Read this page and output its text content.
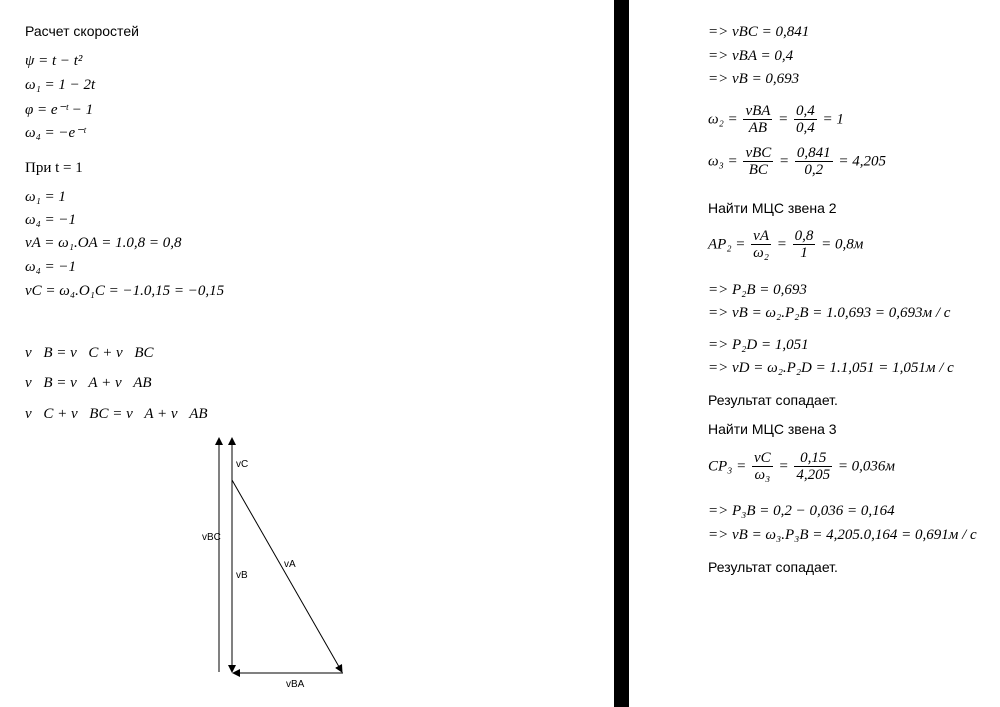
Расчет скоростей
ψ = t − t²
ω₁ = 1 − 2t
φ = e⁻ᵗ − 1
ω₄ = −e⁻ᵗ
При t = 1
ω₁ = 1
ω₄ = −1
vA = ω₁.OA = 1.0,8 = 0,8
ω₄ = −1
vC = ω₄.O₁C = −1.0,15 = −0,15
v⃗B = v⃗C + v⃗BC
v⃗B = v⃗A + v⃗AB
v⃗C + v⃗BC = v⃗A + v⃗AB
vC
vBC
vB
vA
vBA
=> vBC = 0,841
=> vBA = 0,4
=> vB = 0,693
$\omega_2 = \frac{\text{vBA}}{AB} = \frac{0,4}{0,4} = 1$
$\omega_3 = \frac{\text{vBC}}{BC} = \frac{0,841}{0,2} = 4,205$
Найти МЦС звена 2
$AP_2 = \frac{vA}{\text{ω₂}} = \frac{0,8}{1} = 0,8м$
=> P₂B = 0,693
=> vB = ω₂.P₂B = 1.0,693 = 0,693м / с
=> P₂D = 1,051
=> vD = ω₂.P₂D = 1.1,051 = 1,051м / с
Результат сопадает.
Найти МЦС звена 3
$CP_3 = \frac{vC}{\text{ω₃}} = \frac{0,15}{4,205} = 0,036м$
=> P₃B = 0,2 − 0,036 = 0,164
=> vB = ω₃.P₃B = 4,205.0,164 = 0,691м / с
Результат сопадает.
